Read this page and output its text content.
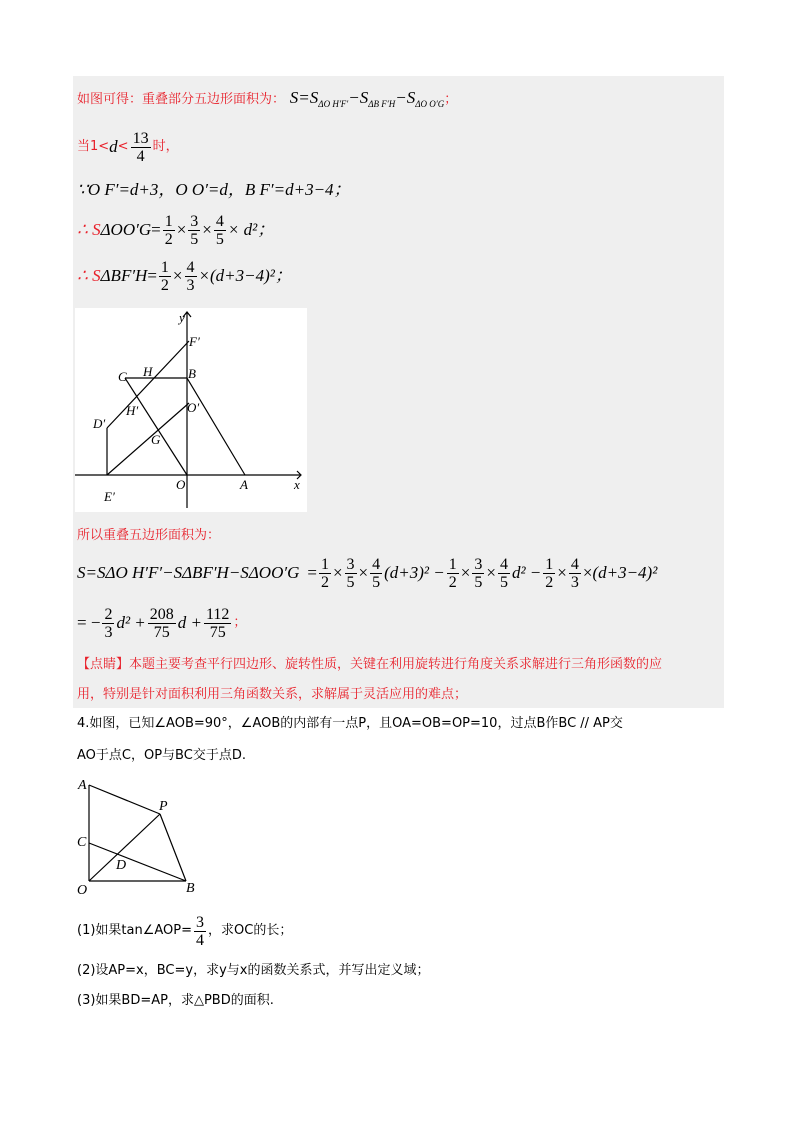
如图可得：重叠部分五边形面积为： $S=S_{\Delta O H'F'}-S_{\Delta B F'H}-S_{\Delta O O'G}$；
当$1< d < \frac{13}{4}$ 时，
∵O F′=d+3，O O′=d，B F′=d+3−4；
∴ S $\Delta OO'G = \frac{1}{2} \times \frac{3}{5} \times \frac{4}{5} \times d^2$；
∴ S $\Delta BF'H = \frac{1}{2} \times \frac{4}{3} \times(d+3-4)^2$；
y
x
F′
C H	B
H′	O′
D′
G
E′
O	A
所以重叠五边形面积为：
S=S ΔO H′F′ −S ΔBF′H −S $\Delta OO'G = \frac{1}{2} \times \frac{3}{5} \times \frac{4}{5} (d+3)^2 - \frac{1}{2} \times \frac{3}{5} \times \frac{4}{5} d^2 - \frac{1}{2} \times \frac{4}{3} \times (d+3-4)^2$
= − $\frac{2}{3} d^2 + \frac{208}{75}$ $d + \frac{112}{75}$ ；
【点睛】本题主要考查平行四边形、旋转性质，关键在利用旋转进行角度关系求解进行三角形函数的应
用，特别是针对面积利用三角函数关系，求解属于灵活应用的难点；
4.如图，已知∠AOB=90°，∠AOB的内部有一点P，且OA=OB=OP=10，过点B作BC // AP交
AO于点C，OP与BC交于点D.
A
P
C
D
O	B
(1)如果tan∠AOP= $\frac{3}{4}$ ，求OC的长；
(2)设AP=x，BC=y，求y与x的函数关系式，并写出定义域；
(3)如果BD=AP，求△PBD的面积.
